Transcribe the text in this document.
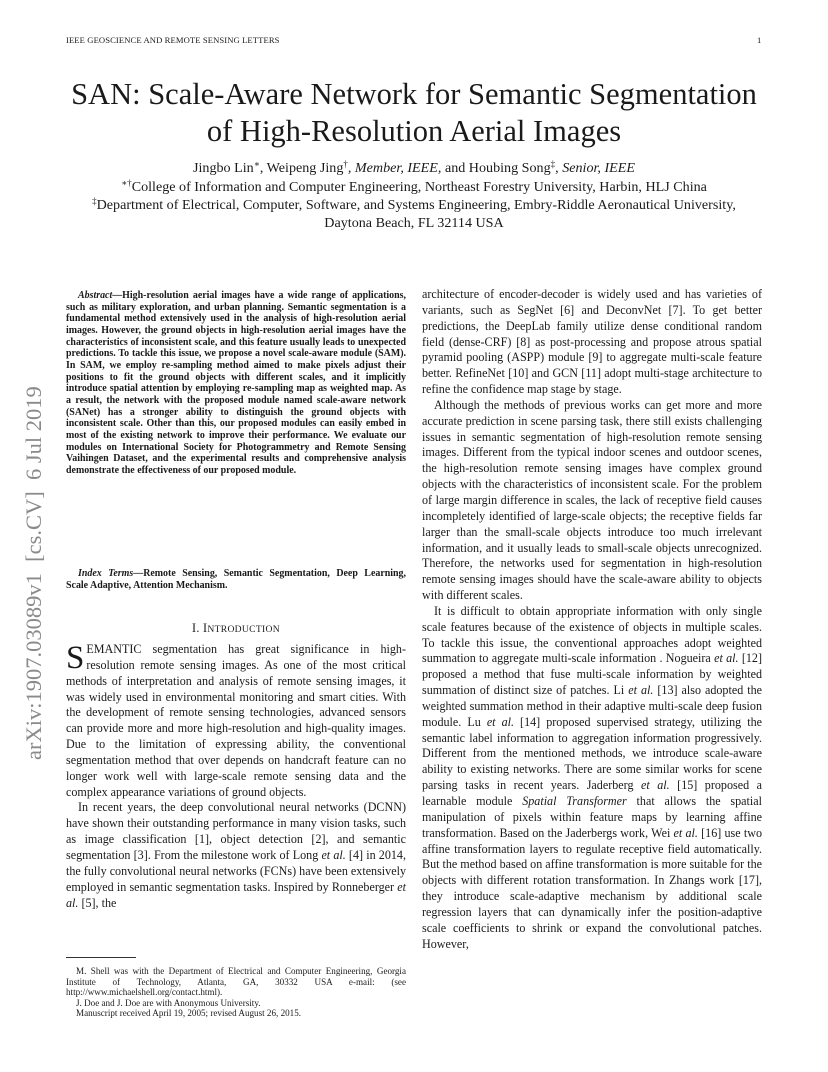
IEEE GEOSCIENCE AND REMOTE SENSING LETTERS	1
arXiv:1907.03089v1  [cs.CV]  6 Jul 2019
SAN: Scale-Aware Network for Semantic Segmentation of High-Resolution Aerial Images
Jingbo Lin∗, Weipeng Jing†, Member, IEEE, and Houbing Song‡, Senior, IEEE
∗†College of Information and Computer Engineering, Northeast Forestry University, Harbin, HLJ China
‡Department of Electrical, Computer, Software, and Systems Engineering, Embry-Riddle Aeronautical University,
Daytona Beach, FL 32114 USA
Abstract—High-resolution aerial images have a wide range of applications, such as military exploration, and urban planning. Semantic segmentation is a fundamental method extensively used in the analysis of high-resolution aerial images. However, the ground objects in high-resolution aerial images have the characteristics of inconsistent scale, and this feature usually leads to unexpected predictions. To tackle this issue, we propose a novel scale-aware module (SAM). In SAM, we employ re-sampling method aimed to make pixels adjust their positions to fit the ground objects with different scales, and it implicitly introduce spatial attention by employing re-sampling map as weighted map. As a result, the network with the proposed module named scale-aware network (SANet) has a stronger ability to distinguish the ground objects with inconsistent scale. Other than this, our proposed modules can easily embed in most of the existing network to improve their performance. We evaluate our modules on International Society for Photogrammetry and Remote Sensing Vaihingen Dataset, and the experimental results and comprehensive analysis demonstrate the effectiveness of our proposed module.
Index Terms—Remote Sensing, Semantic Segmentation, Deep Learning, Scale Adaptive, Attention Mechanism.
I. INTRODUCTION

SEMANTIC segmentation has great significance in high-resolution remote sensing images. As one of the most critical methods of interpretation and analysis of remote sensing images, it was widely used in environmental monitoring and smart cities. With the development of remote sensing technologies, advanced sensors can provide more and more high-resolution and high-quality images. Due to the limitation of expressing ability, the conventional segmentation method that over depends on handcraft feature can no longer work well with large-scale remote sensing data and the complex appearance variations of ground objects.

In recent years, the deep convolutional neural networks (DCNN) have shown their outstanding performance in many vision tasks, such as image classification [1], object detection [2], and semantic segmentation [3]. From the milestone work of Long et al. [4] in 2014, the fully convolutional neural networks (FCNs) have been extensively employed in semantic segmentation tasks. Inspired by Ronneberger et al. [5], the

M. Shell was with the Department of Electrical and Computer Engineering, Georgia Institute of Technology, Atlanta, GA, 30332 USA e-mail: (see http://www.michaelshell.org/contact.html).

J. Doe and J. Doe are with Anonymous University.

Manuscript received April 19, 2005; revised August 26, 2015.

architecture of encoder-decoder is widely used and has varieties of variants, such as SegNet [6] and DeconvNet [7]. To get better predictions, the DeepLab family utilize dense conditional random field (dense-CRF) [8] as post-processing and propose atrous spatial pyramid pooling (ASPP) module [9] to aggregate multi-scale feature better. RefineNet [10] and GCN [11] adopt multi-stage architecture to refine the confidence map stage by stage.

Although the methods of previous works can get more and more accurate prediction in scene parsing task, there still exists challenging issues in semantic segmentation of high-resolution remote sensing images. Different from the typical indoor scenes and outdoor scenes, the high-resolution remote sensing images have complex ground objects with the characteristics of inconsistent scale. For the problem of large margin difference in scales, the lack of receptive field causes incompletely identified of large-scale objects; the receptive fields far larger than the small-scale objects introduce too much irrelevant information, and it usually leads to small-scale objects unrecognized. Therefore, the networks used for segmentation in high-resolution remote sensing images should have the scale-aware ability to objects with different scales.

It is difficult to obtain appropriate information with only single scale features because of the existence of objects in multiple scales. To tackle this issue, the conventional approaches adopt weighted summation to aggregate multi-scale information . Nogueira et al. [12] proposed a method that fuse multi-scale information by weighted summation of distinct size of patches. Li et al. [13] also adopted the weighted summation method in their adaptive multi-scale deep fusion module. Lu et al. [14] proposed supervised strategy, utilizing the semantic label information to aggregation information progressively. Different from the mentioned methods, we introduce scale-aware ability to existing networks. There are some similar works for scene parsing tasks in recent years. Jaderberg et al. [15] proposed a learnable module Spatial Transformer that allows the spatial manipulation of pixels within feature maps by learning affine transformation. Based on the Jaderbergs work, Wei et al. [16] use two affine transformation layers to regulate receptive field automatically. But the method based on affine transformation is more suitable for the objects with different rotation transformation. In Zhangs work [17], they introduce scale-adaptive mechanism by additional scale regression layers that can dynamically infer the position-adaptive scale coefficients to shrink or expand the convolutional patches. However,
